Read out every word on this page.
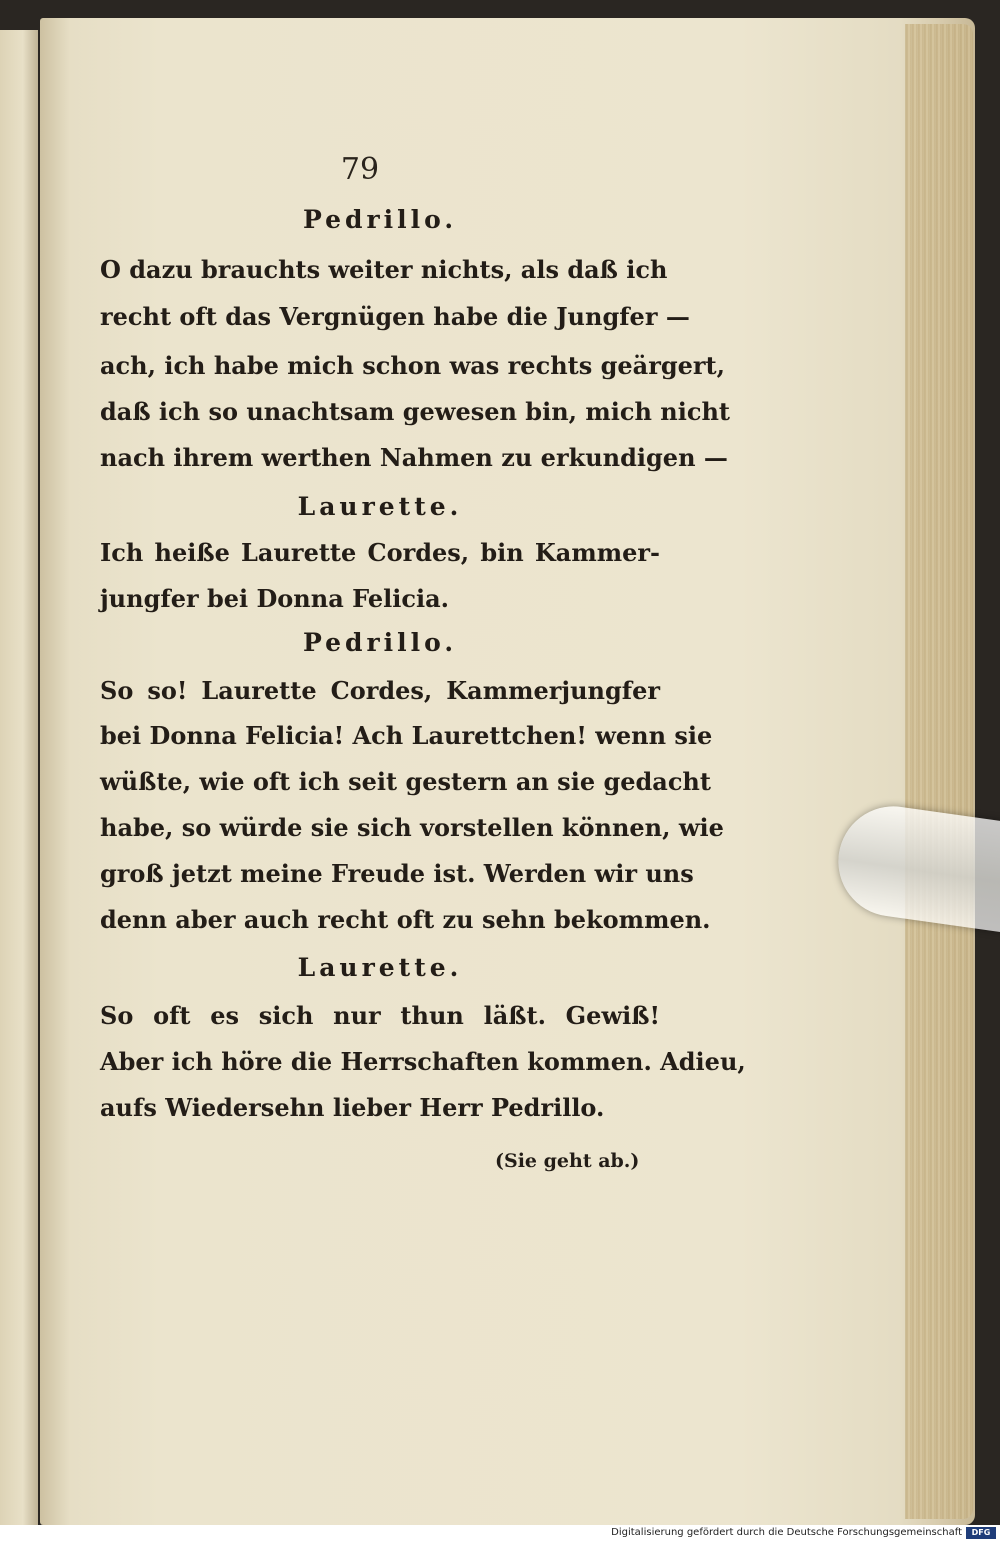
79
Pedrillo.
O dazu brauchts weiter nichts, als daß ich
recht oft das Vergnügen habe die Jungfer —
ach, ich habe mich schon was rechts geärgert,
daß ich so unachtsam gewesen bin, mich nicht
nach ihrem werthen Nahmen zu erkundigen —
Laurette.
Ich heiße Laurette Cordes, bin Kammer-
jungfer bei Donna Felicia.
Pedrillo.
So so! Laurette Cordes, Kammerjungfer
bei Donna Felicia! Ach Laurettchen! wenn sie
wüßte, wie oft ich seit gestern an sie gedacht
habe, so würde sie sich vorstellen können, wie
groß jetzt meine Freude ist. Werden wir uns
denn aber auch recht oft zu sehn bekommen.
Laurette.
So oft es sich nur thun läßt. Gewiß!
Aber ich höre die Herrschaften kommen. Adieu,
aufs Wiedersehn lieber Herr Pedrillo.
(Sie geht ab.)
Digitalisierung gefördert durch die Deutsche Forschungsgemeinschaft	DFG
